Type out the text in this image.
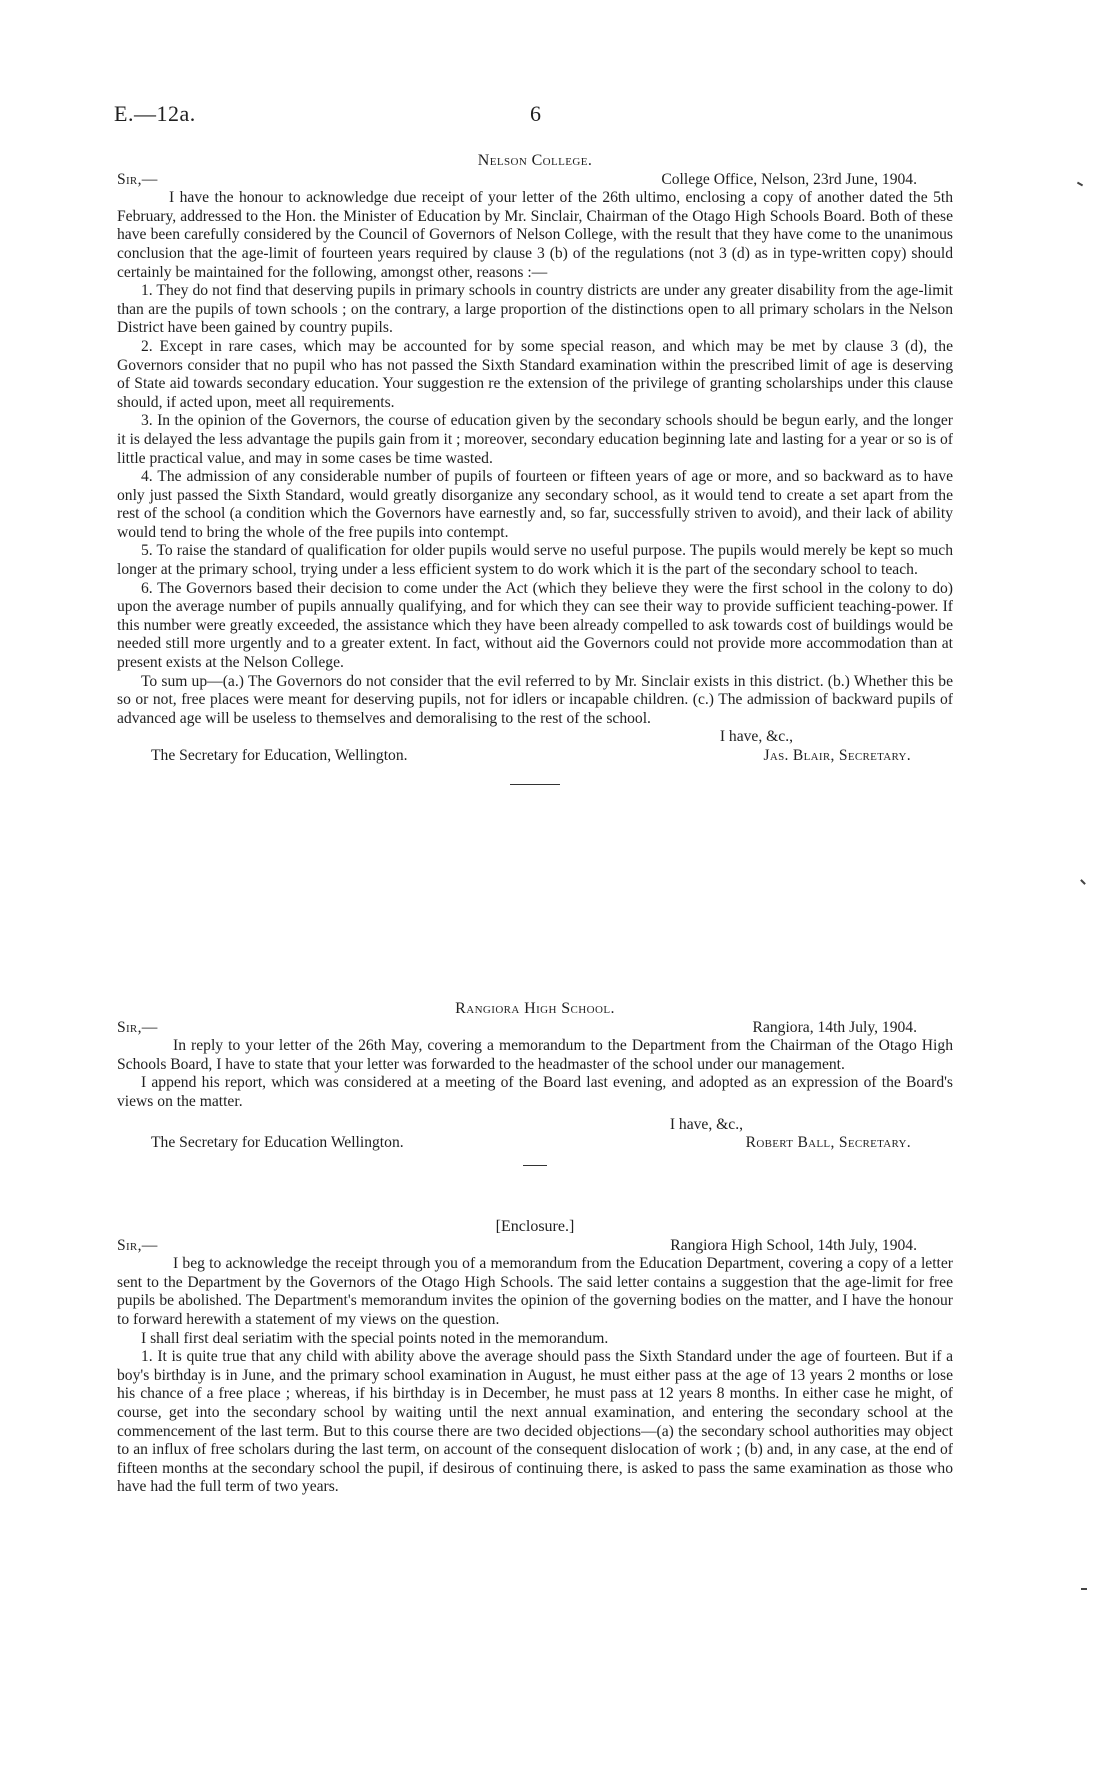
E.—12a.	6
Nelson College.
Sir,—	College Office, Nelson, 23rd June, 1904.

I have the honour to acknowledge due receipt of your letter of the 26th ultimo, enclosing a copy of another dated the 5th February, addressed to the Hon. the Minister of Education by Mr. Sinclair, Chairman of the Otago High Schools Board. Both of these have been carefully considered by the Council of Governors of Nelson College, with the result that they have come to the unanimous conclusion that the age-limit of fourteen years required by clause 3 (b) of the regulations (not 3 (d) as in type-written copy) should certainly be maintained for the following, amongst other, reasons :—

1. They do not find that deserving pupils in primary schools in country districts are under any greater disability from the age-limit than are the pupils of town schools ; on the contrary, a large proportion of the distinctions open to all primary scholars in the Nelson District have been gained by country pupils.

2. Except in rare cases, which may be accounted for by some special reason, and which may be met by clause 3 (d), the Governors consider that no pupil who has not passed the Sixth Standard examination within the prescribed limit of age is deserving of State aid towards secondary education. Your suggestion re the extension of the privilege of granting scholarships under this clause should, if acted upon, meet all requirements.

3. In the opinion of the Governors, the course of education given by the secondary schools should be begun early, and the longer it is delayed the less advantage the pupils gain from it ; moreover, secondary education beginning late and lasting for a year or so is of little practical value, and may in some cases be time wasted.

4. The admission of any considerable number of pupils of fourteen or fifteen years of age or more, and so backward as to have only just passed the Sixth Standard, would greatly disorganize any secondary school, as it would tend to create a set apart from the rest of the school (a condition which the Governors have earnestly and, so far, successfully striven to avoid), and their lack of ability would tend to bring the whole of the free pupils into contempt.

5. To raise the standard of qualification for older pupils would serve no useful purpose. The pupils would merely be kept so much longer at the primary school, trying under a less efficient system to do work which it is the part of the secondary school to teach.

6. The Governors based their decision to come under the Act (which they believe they were the first school in the colony to do) upon the average number of pupils annually qualifying, and for which they can see their way to provide sufficient teaching-power. If this number were greatly exceeded, the assistance which they have been already compelled to ask towards cost of buildings would be needed still more urgently and to a greater extent. In fact, without aid the Governors could not provide more accommodation than at present exists at the Nelson College.

To sum up—(a.) The Governors do not consider that the evil referred to by Mr. Sinclair exists in this district. (b.) Whether this be so or not, free places were meant for deserving pupils, not for idlers or incapable children. (c.) The admission of backward pupils of advanced age will be useless to themselves and demoralising to the rest of the school.

I have, &c.,
The Secretary for Education, Wellington.	Jas. Blair, Secretary.
Rangiora High School.
Sir,—	Rangiora, 14th July, 1904.

In reply to your letter of the 26th May, covering a memorandum to the Department from the Chairman of the Otago High Schools Board, I have to state that your letter was forwarded to the headmaster of the school under our management.

I append his report, which was considered at a meeting of the Board last evening, and adopted as an expression of the Board's views on the matter.

I have, &c.,
The Secretary for Education Wellington.	Robert Ball, Secretary.
[Enclosure.]
Sir,—	Rangiora High School, 14th July, 1904.

I beg to acknowledge the receipt through you of a memorandum from the Education Department, covering a copy of a letter sent to the Department by the Governors of the Otago High Schools. The said letter contains a suggestion that the age-limit for free pupils be abolished. The Department's memorandum invites the opinion of the governing bodies on the matter, and I have the honour to forward herewith a statement of my views on the question.

I shall first deal seriatim with the special points noted in the memorandum.

1. It is quite true that any child with ability above the average should pass the Sixth Standard under the age of fourteen. But if a boy's birthday is in June, and the primary school examination in August, he must either pass at the age of 13 years 2 months or lose his chance of a free place ; whereas, if his birthday is in December, he must pass at 12 years 8 months. In either case he might, of course, get into the secondary school by waiting until the next annual examination, and entering the secondary school at the commencement of the last term. But to this course there are two decided objections—(a) the secondary school authorities may object to an influx of free scholars during the last term, on account of the consequent dislocation of work ; (b) and, in any case, at the end of fifteen months at the secondary school the pupil, if desirous of continuing there, is asked to pass the same examination as those who have had the full term of two years.
